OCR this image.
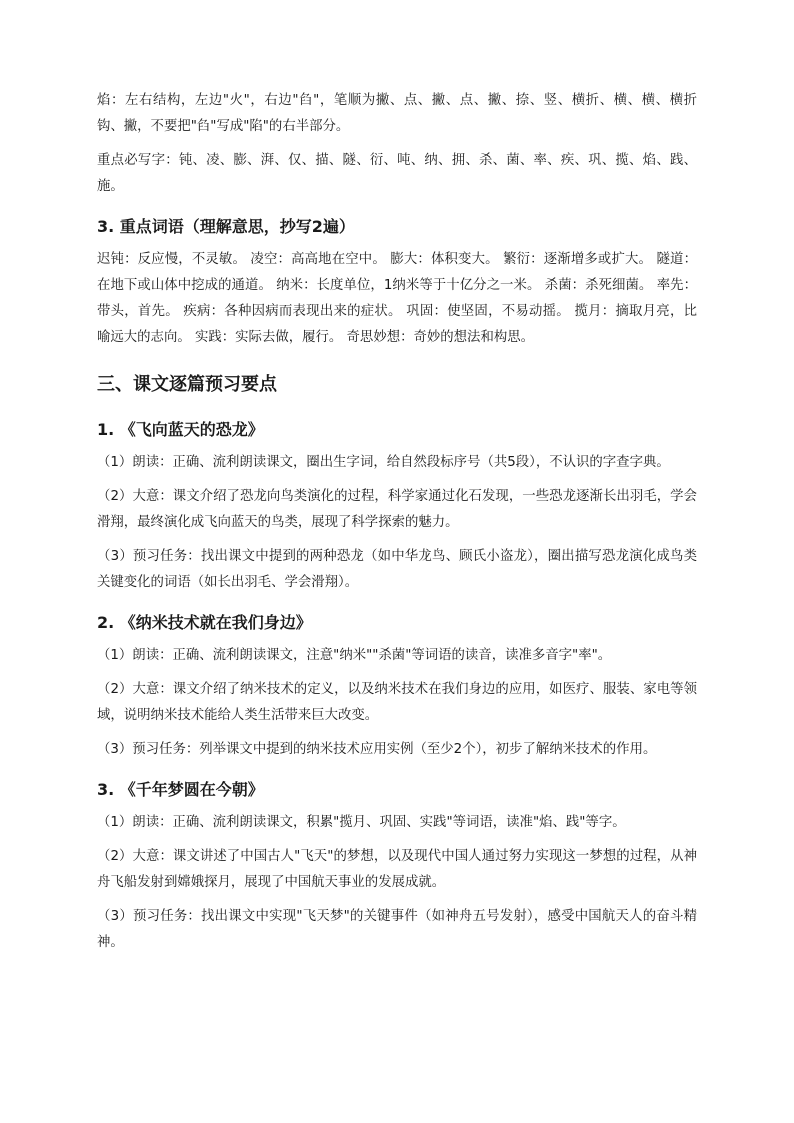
焰：左右结构，左边"火"，右边"臽"，笔顺为撇、点、撇、点、撇、捺、竖、横折、横、横、横折钩、撇，不要把"臽"写成"陷"的右半部分。

重点必写字：钝、凌、膨、湃、仅、描、隧、衍、吨、纳、拥、杀、菌、率、疾、巩、揽、焰、践、施。

3. 重点词语（理解意思，抄写2遍）

迟钝：反应慢，不灵敏。 凌空：高高地在空中。 膨大：体积变大。 繁衍：逐渐增多或扩大。 隧道：在地下或山体中挖成的通道。 纳米：长度单位，1纳米等于十亿分之一米。 杀菌：杀死细菌。 率先：带头，首先。 疾病：各种因病而表现出来的症状。 巩固：使坚固，不易动摇。 揽月：摘取月亮，比喻远大的志向。 实践：实际去做，履行。 奇思妙想：奇妙的想法和构思。

三、课文逐篇预习要点
1. 《飞向蓝天的恐龙》

（1）朗读：正确、流利朗读课文，圈出生字词，给自然段标序号（共5段），不认识的字查字典。

（2）大意：课文介绍了恐龙向鸟类演化的过程，科学家通过化石发现，一些恐龙逐渐长出羽毛，学会滑翔，最终演化成飞向蓝天的鸟类，展现了科学探索的魅力。

（3）预习任务：找出课文中提到的两种恐龙（如中华龙鸟、顾氏小盗龙），圈出描写恐龙演化成鸟类关键变化的词语（如长出羽毛、学会滑翔）。

2. 《纳米技术就在我们身边》

（1）朗读：正确、流利朗读课文，注意"纳米""杀菌"等词语的读音，读准多音字"率"。

（2）大意：课文介绍了纳米技术的定义，以及纳米技术在我们身边的应用，如医疗、服装、家电等领域，说明纳米技术能给人类生活带来巨大改变。

（3）预习任务：列举课文中提到的纳米技术应用实例（至少2个），初步了解纳米技术的作用。

3. 《千年梦圆在今朝》

（1）朗读：正确、流利朗读课文，积累"揽月、巩固、实践"等词语，读准"焰、践"等字。

（2）大意：课文讲述了中国古人"飞天"的梦想，以及现代中国人通过努力实现这一梦想的过程，从神舟飞船发射到嫦娥探月，展现了中国航天事业的发展成就。

（3）预习任务：找出课文中实现"飞天梦"的关键事件（如神舟五号发射），感受中国航天人的奋斗精神。
